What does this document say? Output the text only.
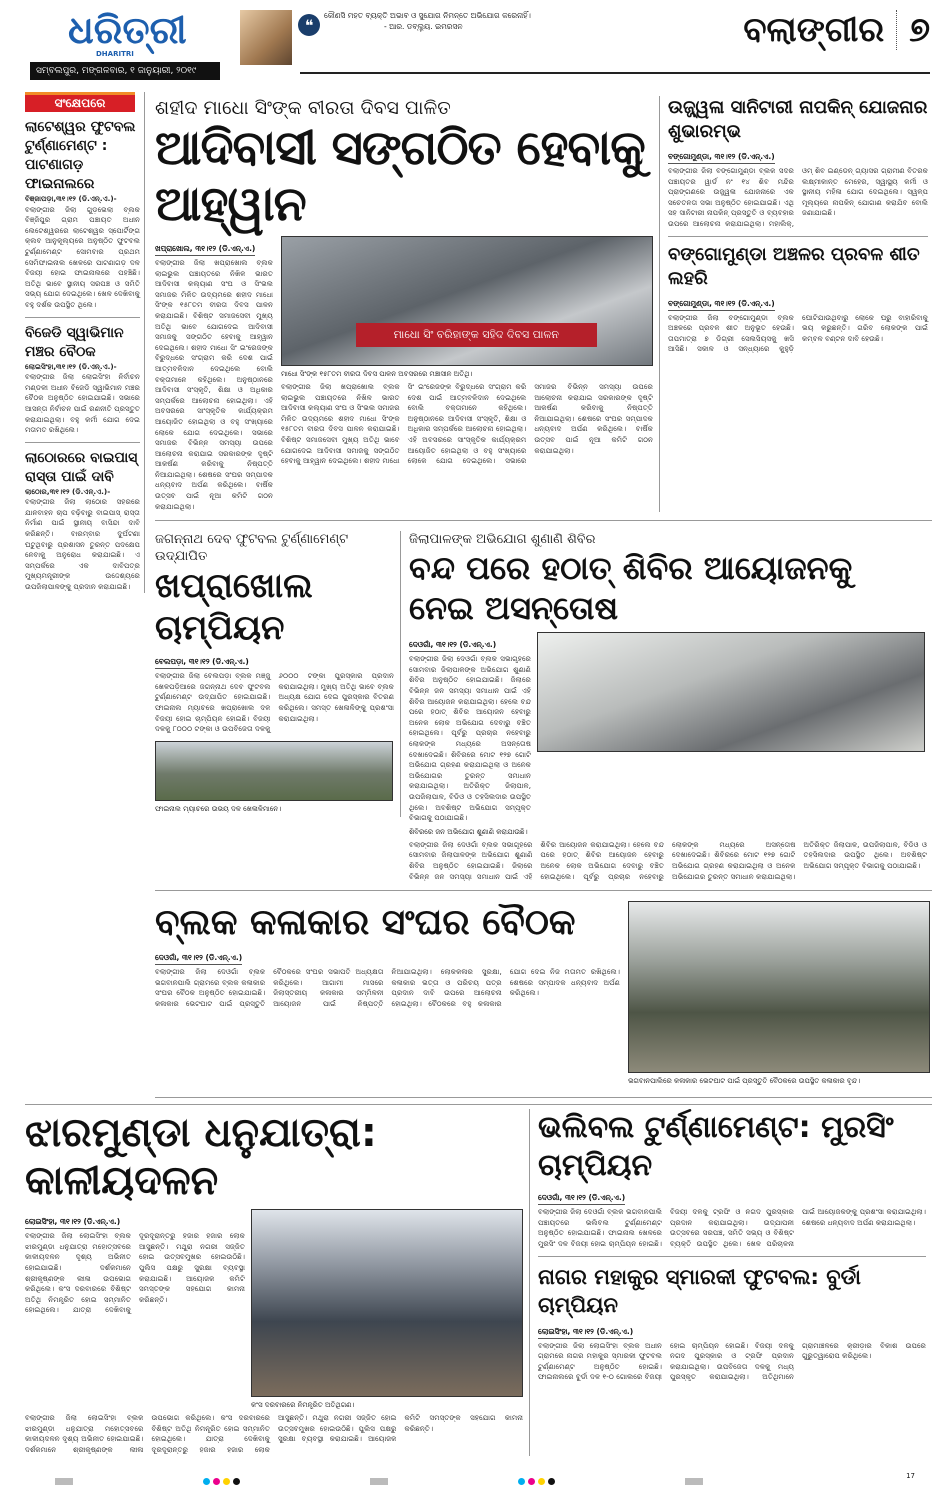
ଧରିତ୍ରୀ
DHARITRI
ସମ୍ବଲପୁର, ମଙ୍ଗଳବାର, ୧ ଜାନୁୟାରୀ, ୨୦୧୯
❝
କୌଣସି ମହତ ବ୍ୟକ୍ତି ଅଭାବ ଓ ସୁଯୋଗ ନିମନ୍ତେ ଅଭିଯୋଗ କରେନାହିଁ।
- ଆର. ଡବ୍ଲ୍ୟୁ. ଇମରସନ	ବଲାଙ୍ଗୀର ୭
ସଂକ୍ଷେପରେ
ଲାଟେଶ୍ୱର ଫୁଟବଲ ଟୁର୍ଣ୍ଣାମେଣ୍ଟ : ପାଟଣାଗଡ଼ ଫାଇନାଲରେ
ବିଞ୍ଜାପଡ଼ା,୩୧।୧୨ (ଡି.ଏନ୍.ଏ.)-
ବଲାଙ୍ଗୀର ଜିଲା ଗୁଡ଼ଭେଲା ବ୍ଲକ ବିଞ୍ଜିପୁର ଗ୍ରାମ ପଞ୍ଚାୟତ ଅଧୀନ ଲେଟେଶ୍ୱରରେ ଲାଟେଶ୍ୱର ସ୍ପୋର୍ଟିଙ୍ଗ କ୍ଲବ ଆନୁକୂଲ୍ୟରେ ଅନୁଷ୍ଠିତ ଫୁଟବଲ ଟୁର୍ଣ୍ଣାମେଣ୍ଟ ସୋମବାର ପ୍ରଥମ ସେମିଫାଇନାଲ ଖେଳରେ ପାଟଣାଗଡ଼ ଦଳ ବିଜୟୀ ହୋଇ ଫାଇନାଲରେ ପହଞ୍ଚିଛି। ଅତିଥି ଭାବେ ସ୍ଥାନୀୟ ସରପଞ୍ଚ ଓ ସମିତି ସଭ୍ୟ ଯୋଗ ଦେଇଥିଲେ। ଖେଳ ଦେଖିବାକୁ ବହୁ ଦର୍ଶକ ଉପସ୍ଥିତ ଥିଲେ।
ବିଜେଡି ସ୍ୱାଭିମାନ ମଞ୍ଚର ବୈଠକ
ଲୋଇସିଂହା,୩୧।୧୨ (ଡି.ଏନ୍.ଏ.)-
ବଲାଙ୍ଗୀର ଜିଲା ଲୋଇସିଂହା ନିର୍ବାଚନ ମଣ୍ଡଳୀ ଅଧୀନ ବିଜେଡି ସ୍ୱାଭିମାନ ମଞ୍ଚର ବୈଠକ ଅନୁଷ୍ଠିତ ହୋଇଯାଇଛି। ସଭାରେ ଆସନ୍ତା ନିର୍ବାଚନ ପାଇଁ ରଣନୀତି ପ୍ରସ୍ତୁତ କରାଯାଇଥିଲା। ବହୁ କର୍ମୀ ଯୋଗ ଦେଇ ମତାମତ ରଖିଥିଲେ।
ଲାଠୋରରେ ବାଇପାସ୍ ରାସ୍ତା ପାଇଁ ଦାବି
ଲାଠୋର,୩୧।୧୨ (ଡି.ଏନ୍.ଏ.)-
ବଲାଙ୍ଗୀର ଜିଲା ଲାଠୋର ସହରରେ ଯାନବାହନ ଚାପ ବଢ଼ିବାରୁ ବାଇପାସ୍ ରାସ୍ତା ନିର୍ମାଣ ପାଇଁ ସ୍ଥାନୀୟ ବାସିନ୍ଦା ଦାବି କରିଛନ୍ତି। ବାରମ୍ବାର ଦୁର୍ଘଟଣା ଘଟୁଥିବାରୁ ପ୍ରଶାସନ ତୁରନ୍ତ ପଦକ୍ଷେପ ନେବାକୁ ଅନୁରୋଧ କରାଯାଇଛି। ଏ ସମ୍ପର୍କରେ ଏକ ଦାବିପତ୍ର ମୁଖ୍ୟମନ୍ତ୍ରୀଙ୍କ ଉଦ୍ଦେଶ୍ୟରେ ଉପଜିଲାପାଳଙ୍କୁ ପ୍ରଦାନ କରାଯାଇଛି।
ଶହୀଦ ମାଧୋ ସିଂଙ୍କ ବୀରତା ଦିବସ ପାଳିତ
ଆଦିବାସୀ ସଙ୍ଗଠିତ ହେବାକୁ ଆହ୍ୱାନ
ଖପ୍ରାଖୋଲ, ୩୧।୧୨ (ଡି.ଏନ୍.ଏ.)
ବଲାଙ୍ଗୀର ଜିଲା ଖପ୍ରାଖୋଲ ବ୍ଲକ ଲାଇଭୁଲ ପଞ୍ଚାୟତରେ ନିଖିଳ ଭାରତ ଆଦିବାସୀ କଲ୍ୟାଣ ସଂଘ ଓ ସିଂଭଲ ସମାଜର ମିଳିତ ଉଦ୍ୟମରେ ଶହୀଦ ମାଧୋ ସିଂଙ୍କ ୧୫୮ତମ ବୀରତା ଦିବସ ପାଳନ କରାଯାଇଛି। ବିଶିଷ୍ଟ ସମାଜସେବୀ ମୁଖ୍ୟ ଅତିଥି ଭାବେ ଯୋଗଦେଇ ଆଦିବାସୀ ସମାଜକୁ ସଙ୍ଗଠିତ ହେବାକୁ ଆହ୍ୱାନ ଦେଇଥିଲେ। ଶହୀଦ ମାଧୋ ସିଂ ଇଂରେଜଙ୍କ ବିରୁଦ୍ଧରେ ସଂଗ୍ରାମ କରି ଦେଶ ପାଇଁ ଆତ୍ମବଳିଦାନ ଦେଇଥିଲେ ବୋଲି ବକ୍ତାମାନେ କହିଥିଲେ। ଅନୁଷ୍ଠାନରେ ଆଦିବାସୀ ସଂସ୍କୃତି, ଶିକ୍ଷା ଓ ଅଧିକାର ସମ୍ପର୍କରେ ଆଲୋଚନା ହୋଇଥିଲା। ଏହି ଅବସରରେ ସାଂସ୍କୃତିକ କାର୍ଯ୍ୟକ୍ରମ ଆୟୋଜିତ ହୋଇଥିଲା ଓ ବହୁ ସଂଖ୍ୟାରେ ଲୋକେ ଯୋଗ ଦେଇଥିଲେ। ସଭାରେ ସମାଜର ବିଭିନ୍ନ ସମସ୍ୟା ଉପରେ ଆଲୋଚନା କରାଯାଇ ସରକାରଙ୍କ ଦୃଷ୍ଟି ଆକର୍ଷଣ କରିବାକୁ ନିଷ୍ପତ୍ତି ନିଆଯାଇଥିଲା। ଶେଷରେ ସଂଘର ସମ୍ପାଦକ ଧନ୍ୟବାଦ ଅର୍ପଣ କରିଥିଲେ। ବାର୍ଷିକ ଉତ୍ସବ ପାଇଁ ନୂଆ କମିଟି ଗଠନ କରାଯାଇଥିଲା।
ମାଧୋ ସିଂ ବରିହାଙ୍କ ସହିଦ ଦିବସ ପାଳନ
ମାଧୋ ସିଂଙ୍କ ୧୫୮ତମ ବୀରତା ଦିବସ ପାଳନ ଅବସରରେ ମଞ୍ଚାସୀନ ଅତିଥି।
ବଲାଙ୍ଗୀର ଜିଲା ଖପ୍ରାଖୋଲ ବ୍ଲକ ଲାଇଭୁଲ ପଞ୍ଚାୟତରେ ନିଖିଳ ଭାରତ ଆଦିବାସୀ କଲ୍ୟାଣ ସଂଘ ଓ ସିଂଭଲ ସମାଜର ମିଳିତ ଉଦ୍ୟମରେ ଶହୀଦ ମାଧୋ ସିଂଙ୍କ ୧୫୮ତମ ବୀରତା ଦିବସ ପାଳନ କରାଯାଇଛି। ବିଶିଷ୍ଟ ସମାଜସେବୀ ମୁଖ୍ୟ ଅତିଥି ଭାବେ ଯୋଗଦେଇ ଆଦିବାସୀ ସମାଜକୁ ସଙ୍ଗଠିତ ହେବାକୁ ଆହ୍ୱାନ ଦେଇଥିଲେ। ଶହୀଦ ମାଧୋ ସିଂ ଇଂରେଜଙ୍କ ବିରୁଦ୍ଧରେ ସଂଗ୍ରାମ କରି ଦେଶ ପାଇଁ ଆତ୍ମବଳିଦାନ ଦେଇଥିଲେ ବୋଲି ବକ୍ତାମାନେ କହିଥିଲେ। ଅନୁଷ୍ଠାନରେ ଆଦିବାସୀ ସଂସ୍କୃତି, ଶିକ୍ଷା ଓ ଅଧିକାର ସମ୍ପର୍କରେ ଆଲୋଚନା ହୋଇଥିଲା। ଏହି ଅବସରରେ ସାଂସ୍କୃତିକ କାର୍ଯ୍ୟକ୍ରମ ଆୟୋଜିତ ହୋଇଥିଲା ଓ ବହୁ ସଂଖ୍ୟାରେ ଲୋକେ ଯୋଗ ଦେଇଥିଲେ। ସଭାରେ ସମାଜର ବିଭିନ୍ନ ସମସ୍ୟା ଉପରେ ଆଲୋଚନା କରାଯାଇ ସରକାରଙ୍କ ଦୃଷ୍ଟି ଆକର୍ଷଣ କରିବାକୁ ନିଷ୍ପତ୍ତି ନିଆଯାଇଥିଲା। ଶେଷରେ ସଂଘର ସମ୍ପାଦକ ଧନ୍ୟବାଦ ଅର୍ପଣ କରିଥିଲେ। ବାର୍ଷିକ ଉତ୍ସବ ପାଇଁ ନୂଆ କମିଟି ଗଠନ କରାଯାଇଥିଲା।
ଉଜ୍ଜ୍ୱଳା ସାନିଟାରୀ ନାପକିନ୍ ଯୋଜନାର ଶୁଭାରମ୍ଭ
ବଙ୍ଗୋମୁଣ୍ଡା, ୩୧।୧୨ (ଡି.ଏନ୍.ଏ.)
ବଲାଙ୍ଗୀର ଜିଲା ବଙ୍ଗୋମୁଣ୍ଡା ବ୍ଲକ ସଦର ପଞ୍ଚାୟତର ୱାର୍ଡ ନଂ ୧୪ ଶିବ ମନ୍ଦିର ପ୍ରାଙ୍ଗଣରେ ଉଜ୍ଜ୍ୱଳା ଯୋଜନାରେ ଏକ ସଚେତନତା ସଭା ଅନୁଷ୍ଠିତ ହୋଇଯାଇଛି। ଏଥି ସହ ସାନିଟାରୀ ନାପକିନ୍ ପ୍ରସ୍ତୁତି ଓ ବ୍ୟବହାର ଉପରେ ଆଲୋଚନା କରାଯାଇଥିଲା। ମହାଲିକ୍, ଓମ୍ ଶିବ ଇଣ୍ଡେନ୍ ଗ୍ୟାସର ଗ୍ରାମୀଣ ବିତରକ ଲକ୍ଷ୍ମୀକାନ୍ତ ମେହେର, ସ୍ୱାସ୍ଥ୍ୟ କର୍ମୀ ଓ ସ୍ଥାନୀୟ ମହିଳା ଯୋଗ ଦେଇଥିଲେ। ସ୍ୱଳ୍ପ ମୂଲ୍ୟରେ ନାପକିନ୍ ଯୋଗାଣ କରାଯିବ ବୋଲି ଜଣାଯାଇଛି।
ବଙ୍ଗୋମୁଣ୍ଡା ଅଞ୍ଚଳର ପ୍ରବଳ ଶୀତ ଲହରି
ବଙ୍ଗୋମୁଣ୍ଡା, ୩୧।୧୨ (ଡି.ଏନ୍.ଏ.)
ବଲାଙ୍ଗୀର ଜିଲା ବଙ୍ଗୋମୁଣ୍ଡା ବ୍ଲକ ଅଞ୍ଚଳରେ ପ୍ରବଳ ଶୀତ ଅନୁଭୂତ ହେଉଛି। ତାପମାତ୍ରା ୭ ଡିଗ୍ରୀ ସେଲସିୟସକୁ ଖସି ଆସିଛି। ସକାଳ ଓ ସନ୍ଧ୍ୟାରେ କୁହୁଡ଼ି ଘୋଟିଯାଉଥିବାରୁ ଲୋକେ ଘରୁ ବାହାରିବାକୁ ଭୟ କରୁଛନ୍ତି। ଗରିବ ଲୋକଙ୍କ ପାଇଁ କମ୍ବଳ ବଣ୍ଟନ ଦାବି ହେଉଛି।
ଜଗନ୍ନାଥ ଦେବ ଫୁଟବଲ ଟୁର୍ଣ୍ଣାମେଣ୍ଟ ଉଦ୍‌ଯାପିତ
ଖପ୍ରାଖୋଲ ଚାମ୍ପିୟନ
ବେଲପଡ଼ା, ୩୧।୧୨ (ଡି.ଏନ୍.ଏ.)
ବଲାଙ୍ଗୀର ଜିଲା ବେଲପଡ଼ା ବ୍ଲକ ମଞ୍ଜୁ ଖେଳପଡ଼ିଆରେ ଜଗନ୍ନାଥ ଦେବ ଫୁଟବଲ ଟୁର୍ଣ୍ଣାମେଣ୍ଟ ଉଦ୍‌ଯାପିତ ହୋଇଯାଇଛି। ଫାଇନାଲ ମ୍ୟାଚରେ ଖପ୍ରାଖୋଲ ଦଳ ବିଜୟୀ ହୋଇ ଚାମ୍ପିୟନ ହୋଇଛି। ବିଜୟୀ ଦଳକୁ ୮୦୦୦ ଟଙ୍କା ଓ ଉପବିଜେତା ଦଳକୁ ୬୦୦୦ ଟଙ୍କା ପୁରସ୍କାର ପ୍ରଦାନ କରାଯାଇଥିଲା। ମୁଖ୍ୟ ଅତିଥି ଭାବେ ବ୍ଲକ ଅଧ୍ୟକ୍ଷ ଯୋଗ ଦେଇ ପୁରସ୍କାର ବିତରଣ କରିଥିଲେ। ସମସ୍ତ ଖେଳାଳିଙ୍କୁ ପ୍ରଶଂସା କରାଯାଇଥିଲା।
ଫାଇନାଲ ମ୍ୟାଚରେ ଉଭୟ ଦଳ ଖେଳାଳିମାନେ।
ଜିଲାପାଳଙ୍କ ଅଭିଯୋଗ ଶୁଣାଣି ଶିବିର
ବନ୍ଦ ପରେ ହଠାତ୍ ଶିବିର ଆୟୋଜନକୁ ନେଇ ଅସନ୍ତୋଷ
ଦେଓଗାଁ, ୩୧।୧୨ (ଡି.ଏନ୍.ଏ.)
ବଲାଙ୍ଗୀର ଜିଲା ଦେଓଗାଁ ବ୍ଲକ ସଭାଗୃହରେ ସୋମବାର ଜିଲାପାଳଙ୍କ ଅଭିଯୋଗ ଶୁଣାଣି ଶିବିର ଅନୁଷ୍ଠିତ ହୋଇଯାଇଛି। ଜିଲାରେ ବିଭିନ୍ନ ଜନ ସମସ୍ୟା ସମାଧାନ ପାଇଁ ଏହି ଶିବିର ଆୟୋଜନ କରାଯାଇଥିଲା। ହେଲେ ବନ୍ଦ ପରେ ହଠାତ୍ ଶିବିର ଆୟୋଜନ ହେବାରୁ ଅନେକ ଲୋକ ଅଭିଯୋଗ ଦେବାରୁ ବଞ୍ଚିତ ହୋଇଥିଲେ। ପୂର୍ବରୁ ପ୍ରଚାର ନହେବାରୁ ଲୋକଙ୍କ ମଧ୍ୟରେ ଅସନ୍ତୋଷ ଦେଖାଦେଇଛି। ଶିବିରରେ ମୋଟ ୧୨୭ ଗୋଟି ଅଭିଯୋଗ ଗ୍ରହଣ କରାଯାଇଥିଲା ଓ ଅନେକ ଅଭିଯୋଗର ତୁରନ୍ତ ସମାଧାନ କରାଯାଇଥିଲା। ଅତିରିକ୍ତ ଜିଲାପାଳ, ଉପଜିଲାପାଳ, ବିଡିଓ ଓ ତହସିଲଦାର ଉପସ୍ଥିତ ଥିଲେ। ଅବଶିଷ୍ଟ ଅଭିଯୋଗ ସମ୍ପୃକ୍ତ ବିଭାଗକୁ ପଠାଯାଇଛି।
ଶିବିରରେ ଜନ ଅଭିଯୋଗ ଶୁଣାଣି କରାଯାଉଛି।
ବଲାଙ୍ଗୀର ଜିଲା ଦେଓଗାଁ ବ୍ଲକ ସଭାଗୃହରେ ସୋମବାର ଜିଲାପାଳଙ୍କ ଅଭିଯୋଗ ଶୁଣାଣି ଶିବିର ଅନୁଷ୍ଠିତ ହୋଇଯାଇଛି। ଜିଲାରେ ବିଭିନ୍ନ ଜନ ସମସ୍ୟା ସମାଧାନ ପାଇଁ ଏହି ଶିବିର ଆୟୋଜନ କରାଯାଇଥିଲା। ହେଲେ ବନ୍ଦ ପରେ ହଠାତ୍ ଶିବିର ଆୟୋଜନ ହେବାରୁ ଅନେକ ଲୋକ ଅଭିଯୋଗ ଦେବାରୁ ବଞ୍ଚିତ ହୋଇଥିଲେ। ପୂର୍ବରୁ ପ୍ରଚାର ନହେବାରୁ ଲୋକଙ୍କ ମଧ୍ୟରେ ଅସନ୍ତୋଷ ଦେଖାଦେଇଛି। ଶିବିରରେ ମୋଟ ୧୨୭ ଗୋଟି ଅଭିଯୋଗ ଗ୍ରହଣ କରାଯାଇଥିଲା ଓ ଅନେକ ଅଭିଯୋଗର ତୁରନ୍ତ ସମାଧାନ କରାଯାଇଥିଲା। ଅତିରିକ୍ତ ଜିଲାପାଳ, ଉପଜିଲାପାଳ, ବିଡିଓ ଓ ତହସିଲଦାର ଉପସ୍ଥିତ ଥିଲେ। ଅବଶିଷ୍ଟ ଅଭିଯୋଗ ସମ୍ପୃକ୍ତ ବିଭାଗକୁ ପଠାଯାଇଛି।
ବ୍ଲକ କଳାକାର ସଂଘର ବୈଠକ
ଦେଓଗାଁ, ୩୧।୧୨ (ଡି.ଏନ୍.ଏ.)
ବଲାଙ୍ଗୀର ଜିଲା ଦେଓଗାଁ ବ୍ଲକ ଭଗବାନପାଲି ଗ୍ରାମରେ ବ୍ଲକ କଳାକାର ସଂଘର ବୈଠକ ଅନୁଷ୍ଠିତ ହୋଇଯାଇଛି। କଳାକାର ଭେଟଘାଟ ପାଇଁ ପ୍ରସ୍ତୁତି ବୈଠକରେ ସଂଘର ସଭାପତି ଅଧ୍ୟକ୍ଷତା କରିଥିଲେ। ଆଗାମୀ ମାସରେ ଜିଲାସ୍ତରୀୟ କଳାକାର ସମ୍ମିଳନୀ ଆୟୋଜନ ପାଇଁ ନିଷ୍ପତ୍ତି ନିଆଯାଇଥିଲା। ଲୋକକଳାର ସୁରକ୍ଷା, କଳାକାର ଭତ୍ତା ଓ ପରିଚୟ ପତ୍ର ପ୍ରଦାନ ଦାବି ଉପରେ ଆଲୋଚନା ହୋଇଥିଲା। ବୈଠକରେ ବହୁ କଳାକାର ଯୋଗ ଦେଇ ନିଜ ମତାମତ ରଖିଥିଲେ। ଶେଷରେ ସମ୍ପାଦକ ଧନ୍ୟବାଦ ଅର୍ପଣ କରିଥିଲେ।
ଭଗବାନପାଲିରେ କଳାକାର ଭେଟଘାଟ ପାଇଁ ପ୍ରସ୍ତୁତି ବୈଠକରେ ଉପସ୍ଥିତ କଳାକାର ବୃନ୍ଦ।
ଝାରମୁଣ୍ଡା ଧନୁଯାତ୍ରା: କାଳୀୟଦଳନ
ଲୋଇସିଂହା, ୩୧।୧୨ (ଡି.ଏନ୍.ଏ.)
ବଲାଙ୍ଗୀର ଜିଲା ଲୋଇସିଂହା ବ୍ଲକ ଝାରମୁଣ୍ଡା ଧନୁଯାତ୍ରା ମହୋତ୍ସବରେ କାଳୀୟଦଳନ ଦୃଶ୍ୟ ଅଭିନୀତ ହୋଇଯାଇଛି। ଦର୍ଶକମାନେ ଶ୍ରୀକୃଷ୍ଣଙ୍କ ଲୀଳା ଉପଭୋଗ କରିଥିଲେ। କଂସ ଦରବାରରେ ବିଶିଷ୍ଟ ଅତିଥି ନିମନ୍ତ୍ରିତ ହୋଇ ସମ୍ମାନିତ ହୋଇଥିଲେ। ଯାତ୍ରା ଦେଖିବାକୁ ଦୂରଦୂରାନ୍ତରୁ ହଜାର ହଜାର ଲୋକ ଆସୁଛନ୍ତି। ମଥୁରା ନଗରୀ ସଜ୍ଜିତ ହୋଇ ଉତ୍ସବମୁଖର ହୋଇଉଠିଛି। ପୁଲିସ ପକ୍ଷରୁ ସୁରକ୍ଷା ବ୍ୟବସ୍ଥା କରାଯାଇଛି। ଆୟୋଜକ କମିଟି ସମସ୍ତଙ୍କ ସହଯୋଗ କାମନା କରିଛନ୍ତି।
କଂସ ଦରବାରରେ ନିମନ୍ତ୍ରିତ ଅତିଥିଗଣ।
ବଲାଙ୍ଗୀର ଜିଲା ଲୋଇସିଂହା ବ୍ଲକ ଝାରମୁଣ୍ଡା ଧନୁଯାତ୍ରା ମହୋତ୍ସବରେ କାଳୀୟଦଳନ ଦୃଶ୍ୟ ଅଭିନୀତ ହୋଇଯାଇଛି। ଦର୍ଶକମାନେ ଶ୍ରୀକୃଷ୍ଣଙ୍କ ଲୀଳା ଉପଭୋଗ କରିଥିଲେ। କଂସ ଦରବାରରେ ବିଶିଷ୍ଟ ଅତିଥି ନିମନ୍ତ୍ରିତ ହୋଇ ସମ୍ମାନିତ ହୋଇଥିଲେ। ଯାତ୍ରା ଦେଖିବାକୁ ଦୂରଦୂରାନ୍ତରୁ ହଜାର ହଜାର ଲୋକ ଆସୁଛନ୍ତି। ମଥୁରା ନଗରୀ ସଜ୍ଜିତ ହୋଇ ଉତ୍ସବମୁଖର ହୋଇଉଠିଛି। ପୁଲିସ ପକ୍ଷରୁ ସୁରକ୍ଷା ବ୍ୟବସ୍ଥା କରାଯାଇଛି। ଆୟୋଜକ କମିଟି ସମସ୍ତଙ୍କ ସହଯୋଗ କାମନା କରିଛନ୍ତି।
ଭଲିବଲ ଟୁର୍ଣ୍ଣାମେଣ୍ଟ: ମୁରସିଂ ଚାମ୍ପିୟନ
ଦେଓଗାଁ, ୩୧।୧୨ (ଡି.ଏନ୍.ଏ.)
ବଲାଙ୍ଗୀର ଜିଲା ଦେଓଗାଁ ବ୍ଲକ ଭଗବାନପାଲି ପଞ୍ଚାୟତରେ ଭଲିବଲ ଟୁର୍ଣ୍ଣାମେଣ୍ଟ ଅନୁଷ୍ଠିତ ହୋଇଯାଇଛି। ଫାଇନାଲ ଖେଳରେ ମୁରସିଂ ଦଳ ବିଜୟୀ ହୋଇ ଚାମ୍ପିୟନ ହୋଇଛି। ବିଜୟୀ ଦଳକୁ ଟ୍ରଫି ଓ ନଗଦ ପୁରସ୍କାର ପ୍ରଦାନ କରାଯାଇଥିଲା। ଉଦ୍‌ଯାପନୀ ଉତ୍ସବରେ ସରପଞ୍ଚ, ସମିତି ସଭ୍ୟ ଓ ବିଶିଷ୍ଟ ବ୍ୟକ୍ତି ଉପସ୍ଥିତ ଥିଲେ। ଖେଳ ପରିଚାଳନା ପାଇଁ ଆୟୋଜକଙ୍କୁ ପ୍ରଶଂସା କରାଯାଇଥିଲା। ଶେଷରେ ଧନ୍ୟବାଦ ଅର୍ପଣ କରାଯାଇଥିଲା।
ନାଗର ମହାକୁର ସ୍ମାରକୀ ଫୁଟବଲ: ବୁର୍ଡା ଚାମ୍ପିୟନ
ଲୋଇସିଂହା, ୩୧।୧୨ (ଡି.ଏନ୍.ଏ.)
ବଲାଙ୍ଗୀର ଜିଲା ଲୋଇସିଂହା ବ୍ଲକ ଅଧୀନ ଗ୍ରାମରେ ନାଗର ମହାକୁର ସ୍ମାରକୀ ଫୁଟବଲ ଟୁର୍ଣ୍ଣାମେଣ୍ଟ ଅନୁଷ୍ଠିତ ହୋଇଛି। ଫାଇନାଲରେ ବୁର୍ଡା ଦଳ ୧-୦ ଗୋଲରେ ବିଜୟୀ ହୋଇ ଚାମ୍ପିୟନ ହୋଇଛି। ବିଜୟୀ ଦଳକୁ ନଗଦ ପୁରସ୍କାର ଓ ଟ୍ରଫି ପ୍ରଦାନ କରାଯାଇଥିଲା। ଉପବିଜେତା ଦଳକୁ ମଧ୍ୟ ପୁରସ୍କୃତ କରାଯାଇଥିଲା। ଅତିଥିମାନେ ଗ୍ରାମାଞ୍ଚଳରେ କ୍ରୀଡ଼ାର ବିକାଶ ଉପରେ ଗୁରୁତ୍ୱାରୋପ କରିଥିଲେ।
17
